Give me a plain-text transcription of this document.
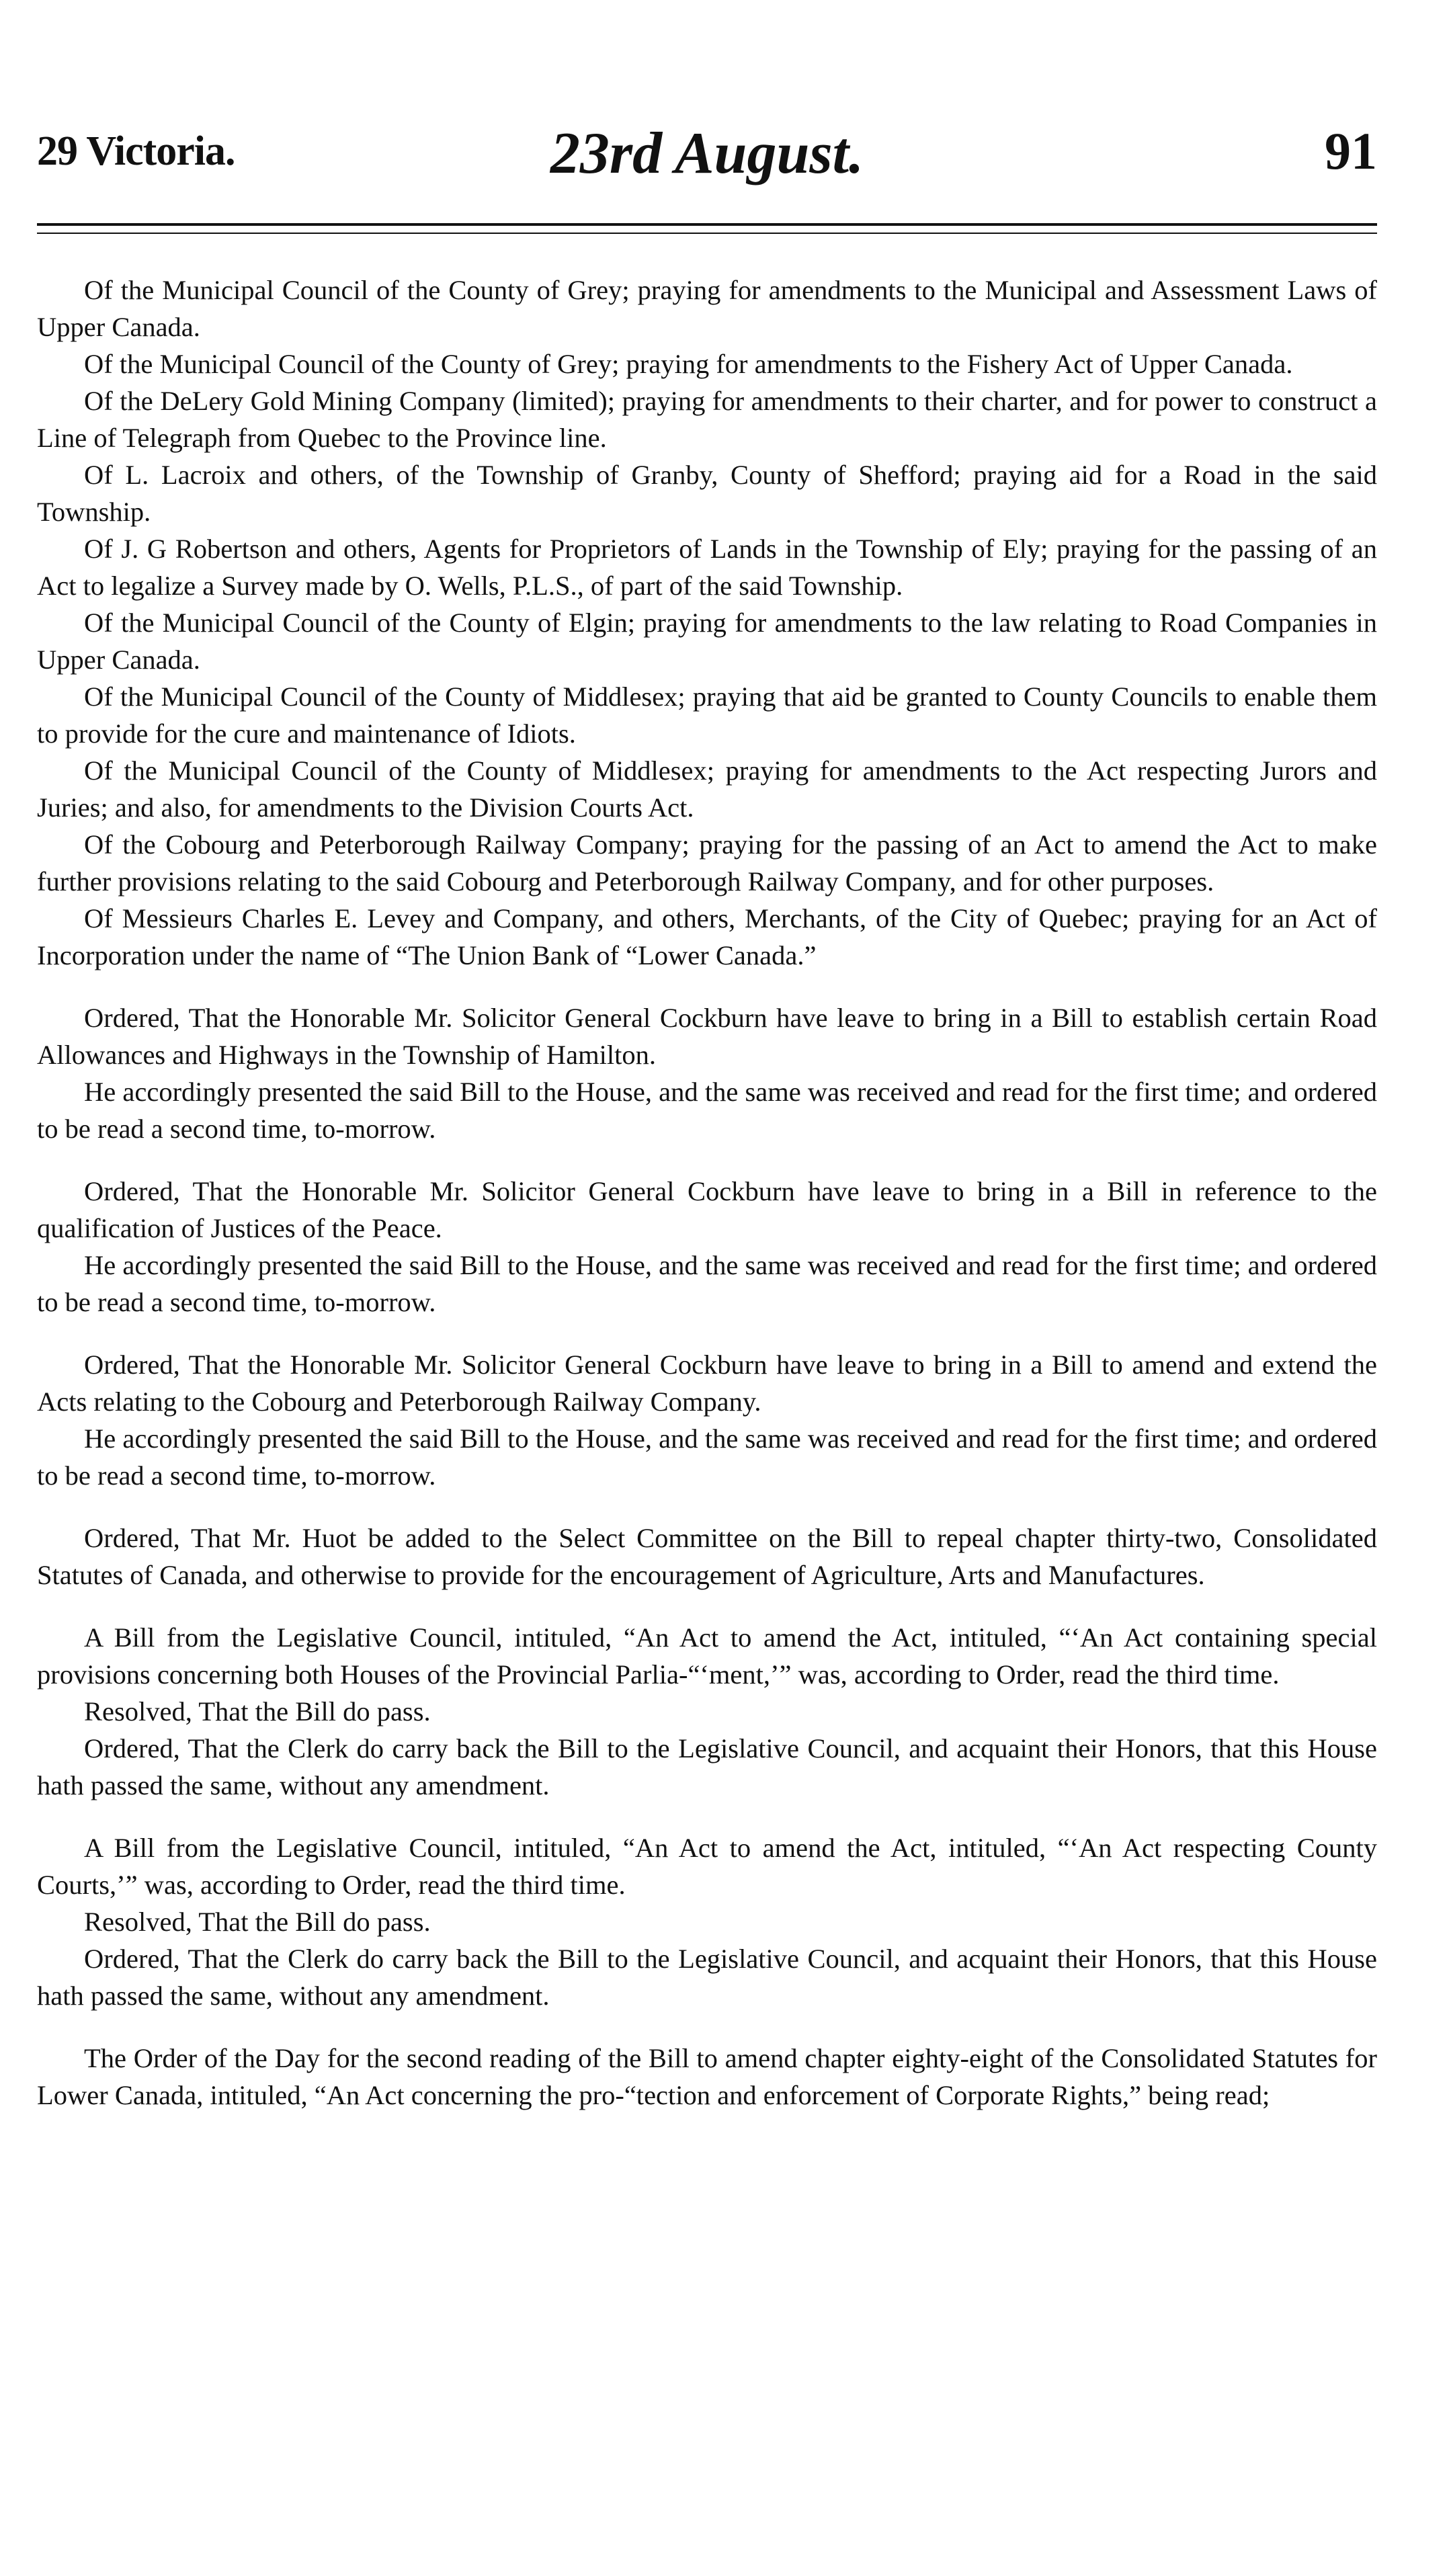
29 Victoria.	23rd August.	91

Of the Municipal Council of the County of Grey; praying for amendments to the Municipal and Assessment Laws of Upper Canada.

Of the Municipal Council of the County of Grey; praying for amendments to the Fishery Act of Upper Canada.

Of the DeLery Gold Mining Company (limited); praying for amendments to their charter, and for power to construct a Line of Telegraph from Quebec to the Province line.

Of L. Lacroix and others, of the Township of Granby, County of Shefford; praying aid for a Road in the said Township.

Of J. G Robertson and others, Agents for Proprietors of Lands in the Township of Ely; praying for the passing of an Act to legalize a Survey made by O. Wells, P.L.S., of part of the said Township.

Of the Municipal Council of the County of Elgin; praying for amendments to the law relating to Road Companies in Upper Canada.

Of the Municipal Council of the County of Middlesex; praying that aid be granted to County Councils to enable them to provide for the cure and maintenance of Idiots.

Of the Municipal Council of the County of Middlesex; praying for amendments to the Act respecting Jurors and Juries; and also, for amendments to the Division Courts Act.

Of the Cobourg and Peterborough Railway Company; praying for the passing of an Act to amend the Act to make further provisions relating to the said Cobourg and Peterborough Railway Company, and for other purposes.

Of Messieurs Charles E. Levey and Company, and others, Merchants, of the City of Quebec; praying for an Act of Incorporation under the name of “The Union Bank of “Lower Canada.”

Ordered, That the Honorable Mr. Solicitor General Cockburn have leave to bring in a Bill to establish certain Road Allowances and Highways in the Township of Hamilton.

He accordingly presented the said Bill to the House, and the same was received and read for the first time; and ordered to be read a second time, to-morrow.

Ordered, That the Honorable Mr. Solicitor General Cockburn have leave to bring in a Bill in reference to the qualification of Justices of the Peace.

He accordingly presented the said Bill to the House, and the same was received and read for the first time; and ordered to be read a second time, to-morrow.

Ordered, That the Honorable Mr. Solicitor General Cockburn have leave to bring in a Bill to amend and extend the Acts relating to the Cobourg and Peterborough Railway Company.

He accordingly presented the said Bill to the House, and the same was received and read for the first time; and ordered to be read a second time, to-morrow.

Ordered, That Mr. Huot be added to the Select Committee on the Bill to repeal chapter thirty-two, Consolidated Statutes of Canada, and otherwise to provide for the encouragement of Agriculture, Arts and Manufactures.

A Bill from the Legislative Council, intituled, “An Act to amend the Act, intituled, “‘An Act containing special provisions concerning both Houses of the Provincial Parlia-“‘ment,’” was, according to Order, read the third time.

Resolved, That the Bill do pass.

Ordered, That the Clerk do carry back the Bill to the Legislative Council, and acquaint their Honors, that this House hath passed the same, without any amendment.

A Bill from the Legislative Council, intituled, “An Act to amend the Act, intituled, “‘An Act respecting County Courts,’” was, according to Order, read the third time.

Resolved, That the Bill do pass.

Ordered, That the Clerk do carry back the Bill to the Legislative Council, and acquaint their Honors, that this House hath passed the same, without any amendment.

The Order of the Day for the second reading of the Bill to amend chapter eighty-eight of the Consolidated Statutes for Lower Canada, intituled, “An Act concerning the pro-“tection and enforcement of Corporate Rights,” being read;
